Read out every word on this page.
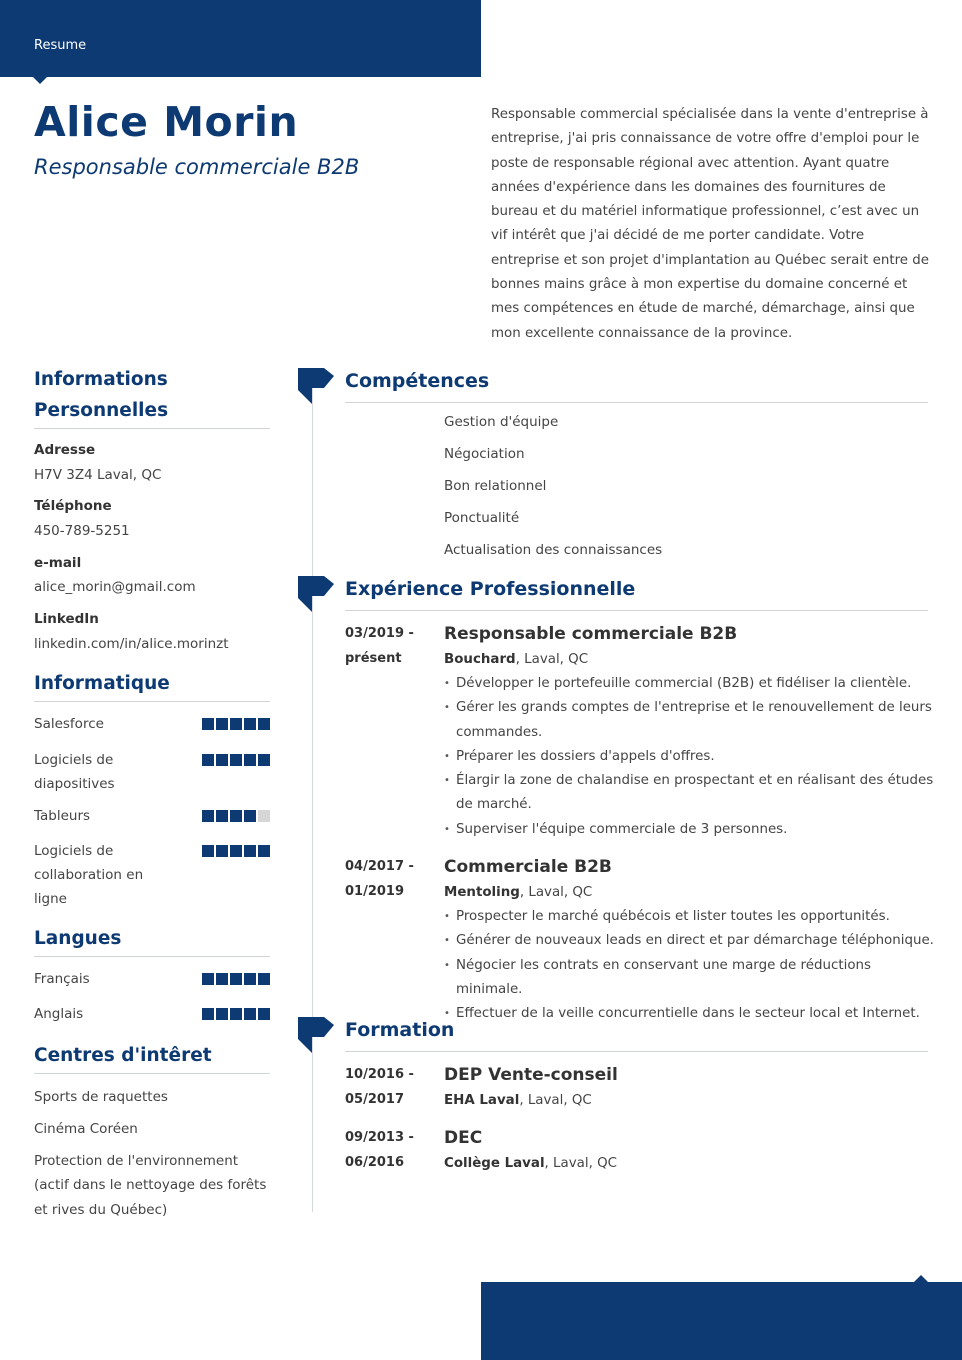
Resume
Alice Morin
Responsable commerciale B2B

Responsable commercial spécialisée dans la vente d'entreprise à entreprise, j'ai pris connaissance de votre offre d'emploi pour le poste de responsable régional avec attention. Ayant quatre années d'expérience dans les domaines des fournitures de bureau et du matériel informatique professionnel, c’est avec un vif intérêt que j'ai décidé de me porter candidate. Votre entreprise et son projet d'implantation au Québec serait entre de bonnes mains grâce à mon expertise du domaine concerné et mes compétences en étude de marché, démarchage, ainsi que mon excellente connaissance de la province.

Informations
Personnelles
Adresse
H7V 3Z4 Laval, QC
Téléphone
450-789-5251
e-mail
alice_morin@gmail.com
LinkedIn
linkedin.com/in/alice.morinzt
Informatique
Salesforce
Logiciels de
diapositives
Tableurs
Logiciels de
collaboration en
ligne
Langues
Français
Anglais
Centres d'intêret
Sports de raquettes
Cinéma Coréen
Protection de l'environnement (actif dans le nettoyage des forêts et rives du Québec)
Compétences
Gestion d'équipe
Négociation
Bon relationnel
Ponctualité
Actualisation des connaissances
Expérience Professionnelle
03/2019 -
présent
Responsable commerciale B2B
Bouchard, Laval, QC
• Développer le portefeuille commercial (B2B) et fidéliser la clientèle.
• Gérer les grands comptes de l'entreprise et le renouvellement de leurs commandes.
• Préparer les dossiers d'appels d'offres.
• Élargir la zone de chalandise en prospectant et en réalisant des études de marché.
• Superviser l'équipe commerciale de 3 personnes.
04/2017 -
01/2019
Commerciale B2B
Mentoling, Laval, QC
• Prospecter le marché québécois et lister toutes les opportunités.
• Générer de nouveaux leads en direct et par démarchage téléphonique.
• Négocier les contrats en conservant une marge de réductions minimale.
• Effectuer de la veille concurrentielle dans le secteur local et Internet.
Formation
10/2016 -
05/2017
DEP Vente-conseil
EHA Laval, Laval, QC
09/2013 -
06/2016
DEC
Collège Laval, Laval, QC
